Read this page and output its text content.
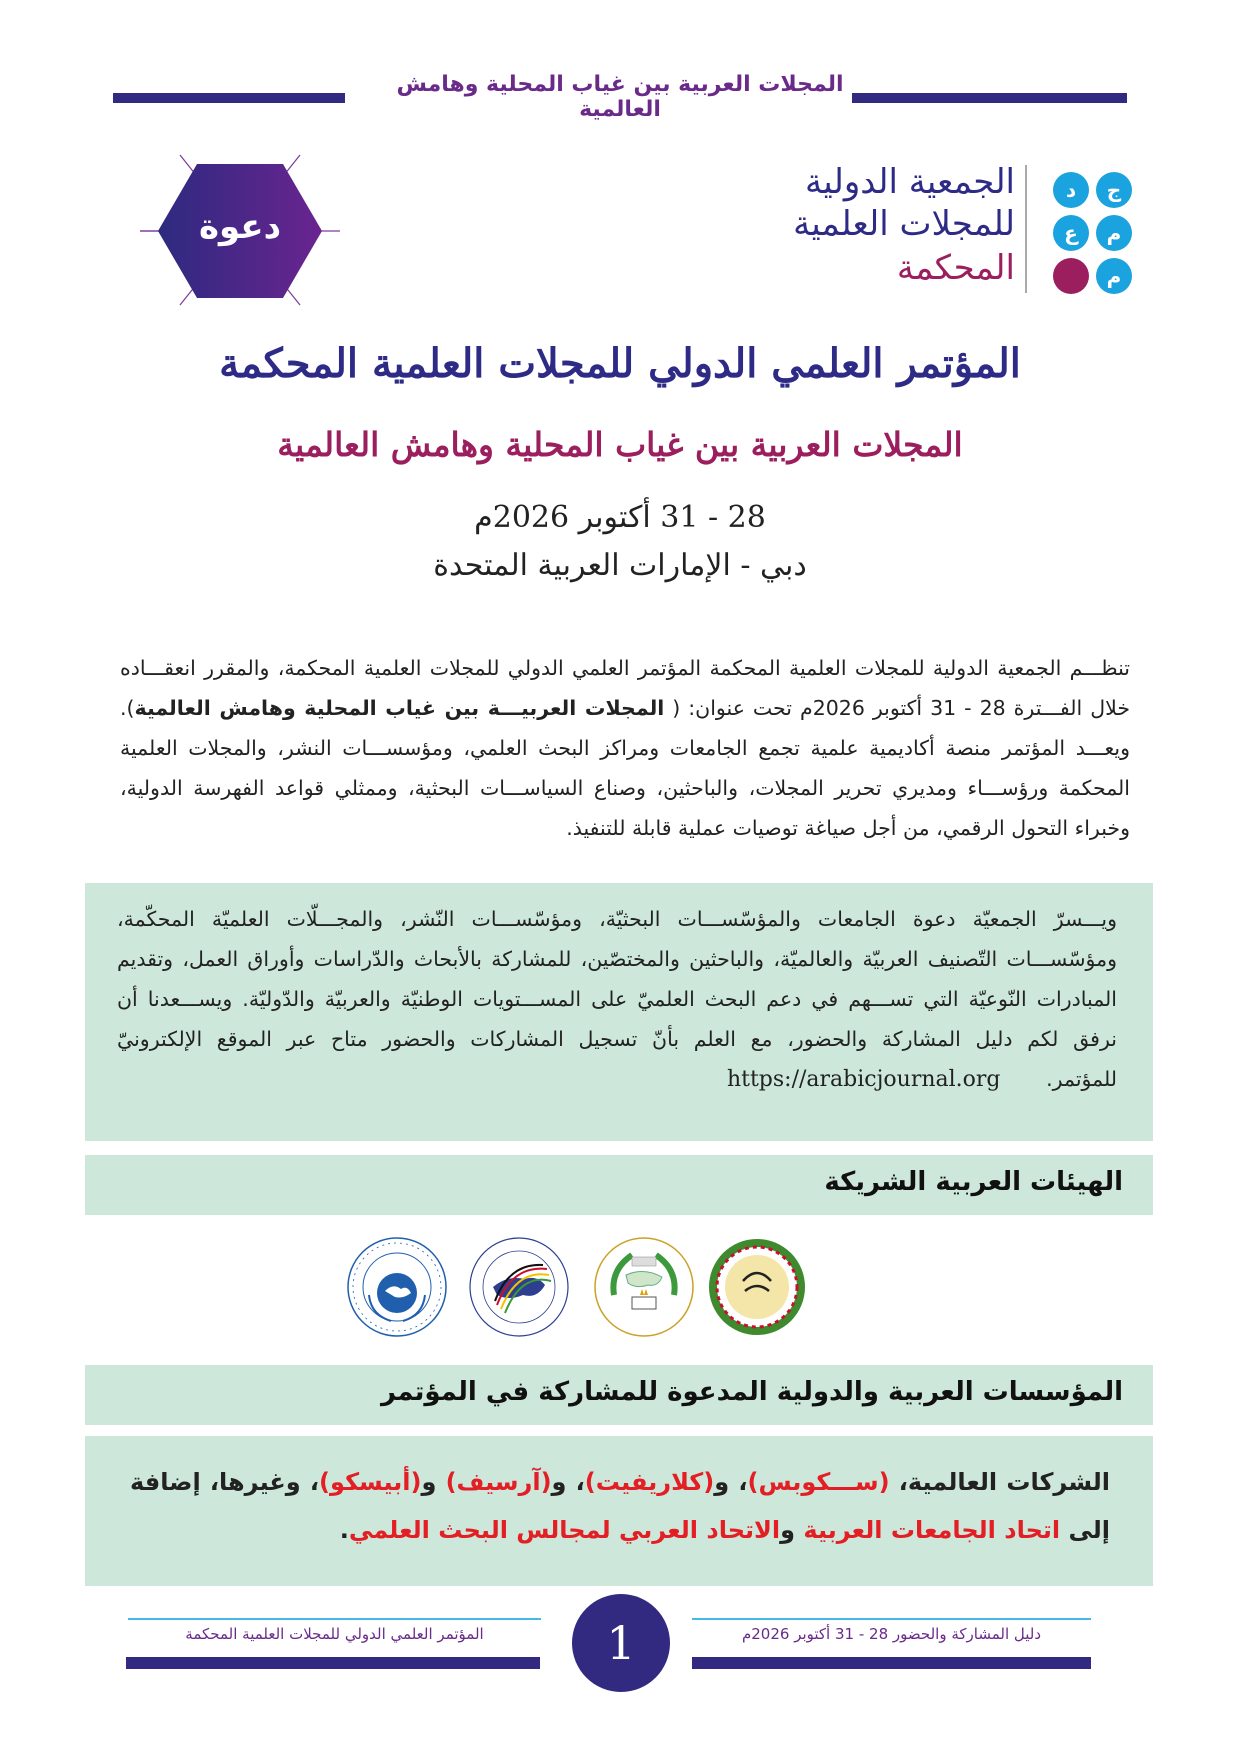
المجلات العربية بين غياب المحلية وهامش العالمية
ج
د
م
ع
م
الجمعية الدولية
للمجلات العلمية
المحكمة
دعوة
المؤتمر العلمي الدولي للمجلات العلمية المحكمة
المجلات العربية بين غياب المحلية وهامش العالمية
28 - 31 أكتوبر 2026م
دبي - الإمارات العربية المتحدة
تنظـــم الجمعية الدولية للمجلات العلمية المحكمة المؤتمر العلمي الدولي للمجلات العلمية المحكمة، والمقرر انعقـــاده خلال الفـــترة 28 - 31 أكتوبر 2026م تحت عنوان: ( المجلات العربيـــة بين غياب المحلية وهامش العالمية). ويعـــد المؤتمر منصة أكاديمية علمية تجمع الجامعات ومراكز البحث العلمي، ومؤسســـات النشر، والمجلات العلمية المحكمة ورؤســـاء ومديري تحرير المجلات، والباحثين، وصناع السياســـات البحثية، وممثلي قواعد الفهرسة الدولية، وخبراء التحول الرقمي، من أجل صياغة توصيات عملية قابلة للتنفيذ.
ويـــسرّ الجمعيّة دعوة الجامعات والمؤسّســـات البحثيّة، ومؤسّســـات النّشر، والمجـــلّات العلميّة المحكّمة، ومؤسّســـات التّصنيف العربيّة والعالميّة، والباحثين والمختصّين، للمشاركة بالأبحاث والدّراسات وأوراق العمل، وتقديم المبادرات النّوعيّة التي تســـهم في دعم البحث العلميّ على المســـتويات الوطنيّة والعربيّة والدّوليّة. ويســـعدنا أن نرفق لكم دليل المشاركة والحضور، مع العلم بأنّ تسجيل المشاركات والحضور متاح عبر الموقع الإلكترونيّ للمؤتمر.       https://arabicjournal.org
الهيئات العربية الشريكة
المؤسسات العربية والدولية المدعوة للمشاركة في المؤتمر
الشركات العالمية، (ســـكوبس)، و(كلاريفيت)، و(آرسيف) و(أبيسكو)، وغيرها، إضافة إلى اتحاد الجامعات العربية والاتحاد العربي لمجالس البحث العلمي.
دليل المشاركة والحضور 28 - 31 أكتوبر 2026م
المؤتمر العلمي الدولي للمجلات العلمية المحكمة	1
